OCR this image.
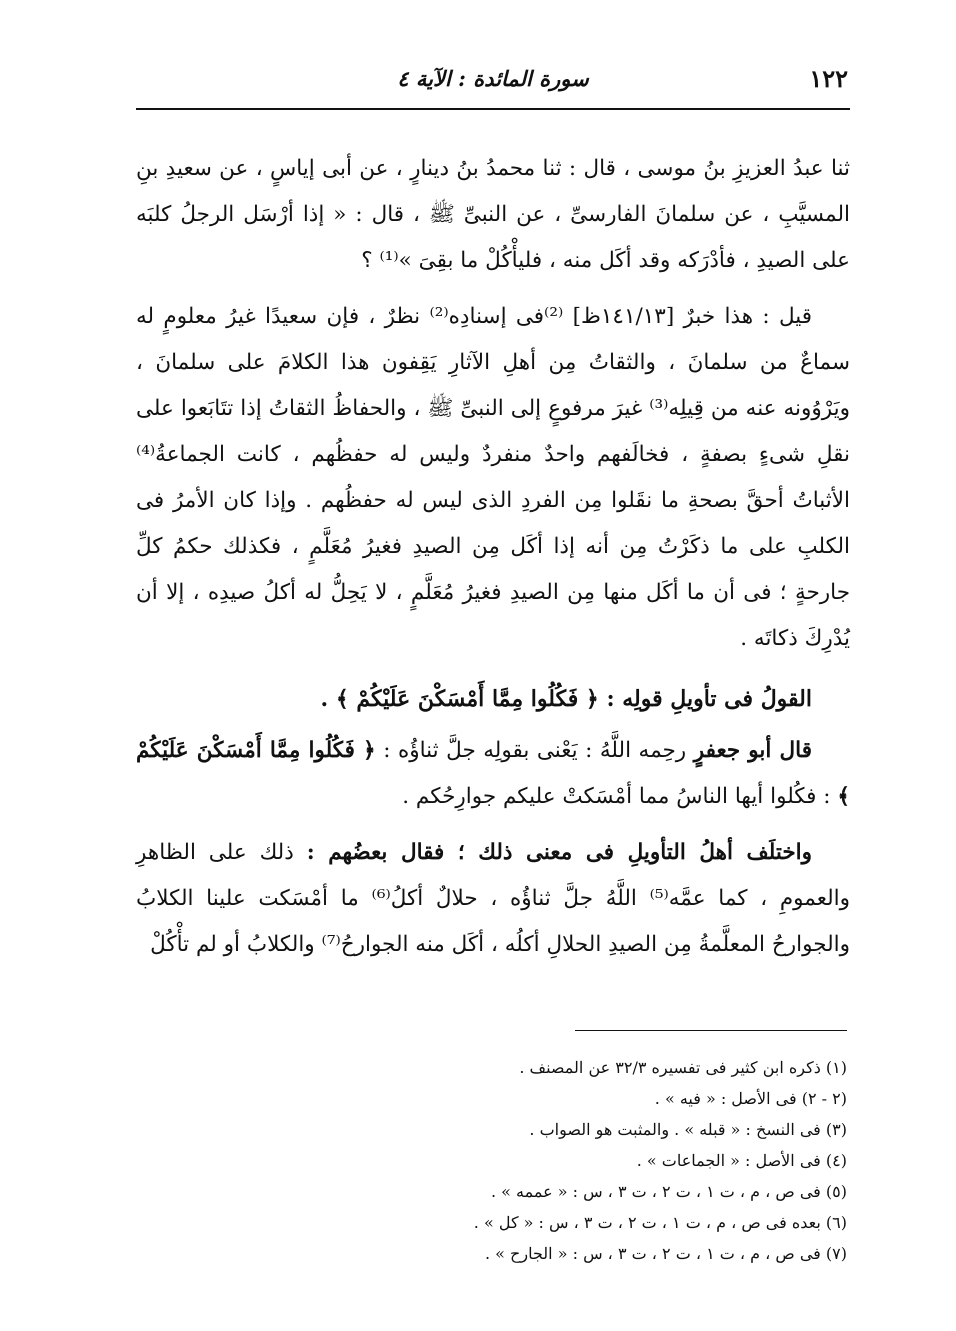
١٢٢
سورة المائدة : الآية ٤

ثنا عبدُ العزيزِ بنُ موسى ، قال : ثنا محمدُ بنُ دينارٍ ، عن أبى إياسٍ ، عن سعيدِ بنِ المسيَّبِ ، عن سلمانَ الفارسىِّ ، عن النبىِّ ﷺ ، قال : « إذا أرْسَل الرجلُ كلبَه على الصيدِ ، فأدْرَكه وقد أكَل منه ، فليأْكُلْ ما بقِىَ »⁽¹⁾ ؟

قيل : هذا خبرٌ [١٤١/١٣ظ] ⁽²⁾فى إسنادِه⁽²⁾ نظرٌ ، فإن سعيدًا غيرُ معلومٍ له سماعٌ من سلمانَ ، والثقاتُ مِن أهلِ الآثارِ يَقِفون هذا الكلامَ على سلمانَ ، ويَرْوُونه عنه من قِيلِه⁽³⁾ غيرَ مرفوعٍ إلى النبىِّ ﷺ ، والحفاظُ الثقاتُ إذا تتَابَعوا على نقلِ شىءٍ بصفةٍ ، فخالَفهم واحدٌ منفردٌ وليس له حفظُهم ، كانت الجماعةُ⁽⁴⁾ الأثباتُ أحقَّ بصحةِ ما نقَلوا مِن الفردِ الذى ليس له حفظُهم . وإذا كان الأمرُ فى الكلبِ على ما ذكَرْتُ مِن أنه إذا أكَل مِن الصيدِ فغيرُ مُعَلَّمٍ ، فكذلك حكمُ كلِّ جارحةٍ ؛ فى أن ما أكَل منها مِن الصيدِ فغيرُ مُعَلَّمٍ ، لا يَحِلُّ له أكلُ صيدِه ، إلا أن يُدْرِكَ ذكاتَه .

القولُ فى تأويلِ قولِه : ﴿ فَكُلُوا مِمَّا أَمْسَكْنَ عَلَيْكُمْ ﴾ .

قال أبو جعفرٍ رحِمه اللَّهُ : يَعْنى بقولِه جلَّ ثناؤُه : ﴿ فَكُلُوا مِمَّا أَمْسَكْنَ عَلَيْكُمْ ﴾ : فكُلوا أيها الناسُ مما أمْسَكتْ عليكم جوارِحُكم .

واختلَف أهلُ التأويلِ فى معنى ذلك ؛ فقال بعضُهم : ذلك على الظاهرِ والعمومِ ، كما عمَّه⁽⁵⁾ اللَّهُ جلَّ ثناؤُه ، حلالٌ أكلُ⁽⁶⁾ ما أمْسَكت علينا الكلابُ والجوارحُ المعلَّمةُ مِن الصيدِ الحلالِ أكلُه ، أكَل منه الجوارحُ⁽⁷⁾ والكلابُ أو لم تأْكُلْ

(١) ذكره ابن كثير فى تفسيره ٣٢/٣ عن المصنف .

(٢ - ٢) فى الأصل : « فيه » .

(٣) فى النسخ : « قبله » . والمثبت هو الصواب .

(٤) فى الأصل : « الجماعات » .

(٥) فى ص ، م ، ت ١ ، ت ٢ ، ت ٣ ، س : « عممه » .

(٦) بعده فى ص ، م ، ت ١ ، ت ٢ ، ت ٣ ، س : « كل » .

(٧) فى ص ، م ، ت ١ ، ت ٢ ، ت ٣ ، س : « الجارح » .
